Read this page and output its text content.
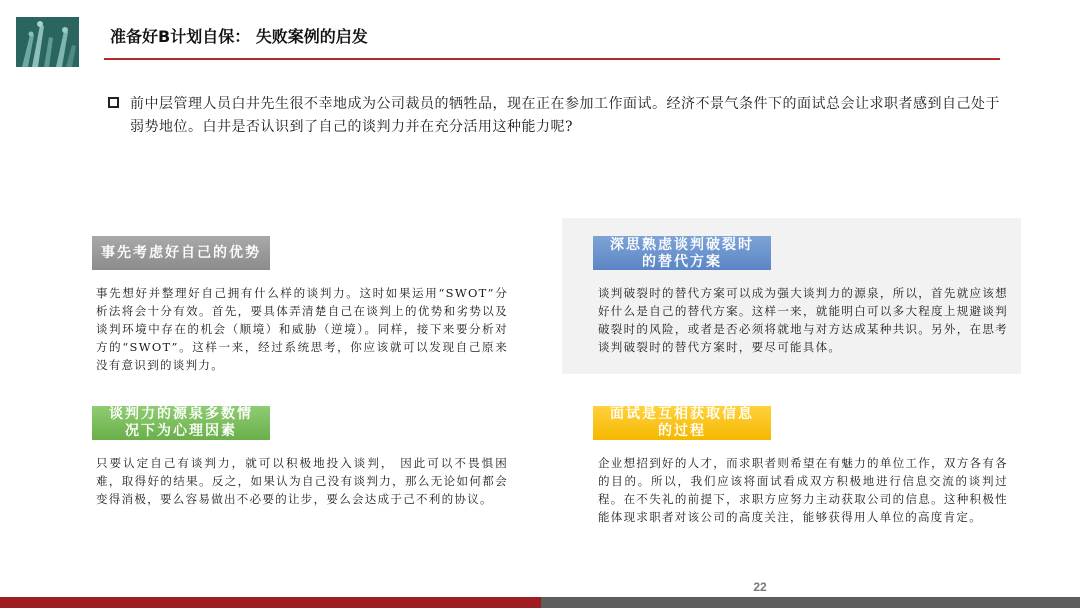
准备好B计划自保： 失败案例的启发
前中层管理人员白井先生很不幸地成为公司裁员的牺牲品，现在正在参加工作面试。经济不景气条件下的面试总会让求职者感到自己处于弱势地位。白井是否认识到了自己的谈判力并在充分活用这种能力呢?
事先考虑好自己的优势
事先想好并整理好自己拥有什么样的谈判力。这时如果运用“SWOT”分析法将会十分有效。首先，要具体弄清楚自己在谈判上的优势和劣势以及谈判环境中存在的机会（顺境）和威胁（逆境）。同样，接下来要分析对方的“SWOT”。这样一来，经过系统思考，你应该就可以发现自己原来没有意识到的谈判力。
深思熟虑谈判破裂时
的替代方案
谈判破裂时的替代方案可以成为强大谈判力的源泉，所以，首先就应该想好什么是自己的替代方案。这样一来，就能明白可以多大程度上规避谈判破裂时的风险，或者是否必须将就地与对方达成某种共识。另外，在思考谈判破裂时的替代方案时，要尽可能具体。
谈判力的源泉多数情
况下为心理因素
只要认定自己有谈判力，就可以积极地投入谈判， 因此可以不畏惧困难，取得好的结果。反之，如果认为自己没有谈判力，那么无论如何都会变得消极，要么容易做出不必要的让步，要么会达成于己不利的协议。
面试是互相获取信息
的过程
企业想招到好的人才，而求职者则希望在有魅力的单位工作，双方各有各的目的。所以，我们应该将面试看成双方积极地进行信息交流的谈判过程。在不失礼的前提下，求职方应努力主动获取公司的信息。这种积极性能体现求职者对该公司的高度关注，能够获得用人单位的高度肯定。
22
